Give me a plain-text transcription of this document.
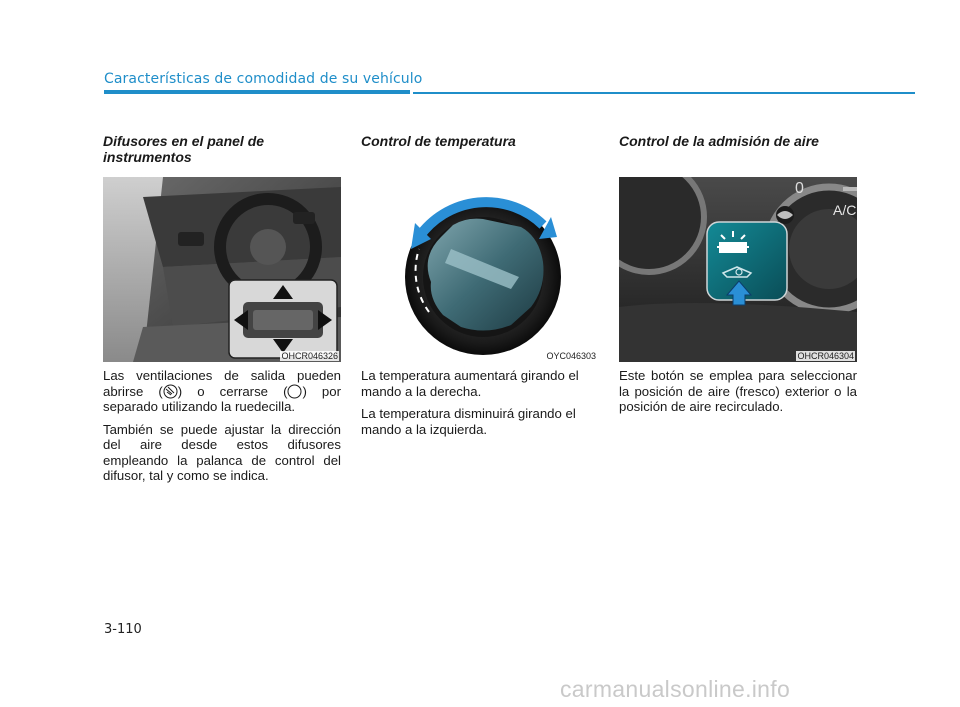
Características de comodidad de su vehículo
Difusores en el panel de instrumentos
OHCR046326

Las ventilaciones de salida pueden abrirse ( ) o cerrarse ( ) por separado utilizando la ruedecilla.

También se puede ajustar la dirección del aire desde estos difusores empleando la palanca de control del difusor, tal y como se indica.

Control de temperatura
OYC046303

La temperatura aumentará girando el mando a la derecha.

La temperatura disminuirá girando el mando a la izquierda.

Control de la admisión de aire
0
A/C
OHCR046304

Este botón se emplea para seleccionar la posición de aire (fresco) exterior o la posición de aire recirculado.

3-110
carmanualsonline.info
